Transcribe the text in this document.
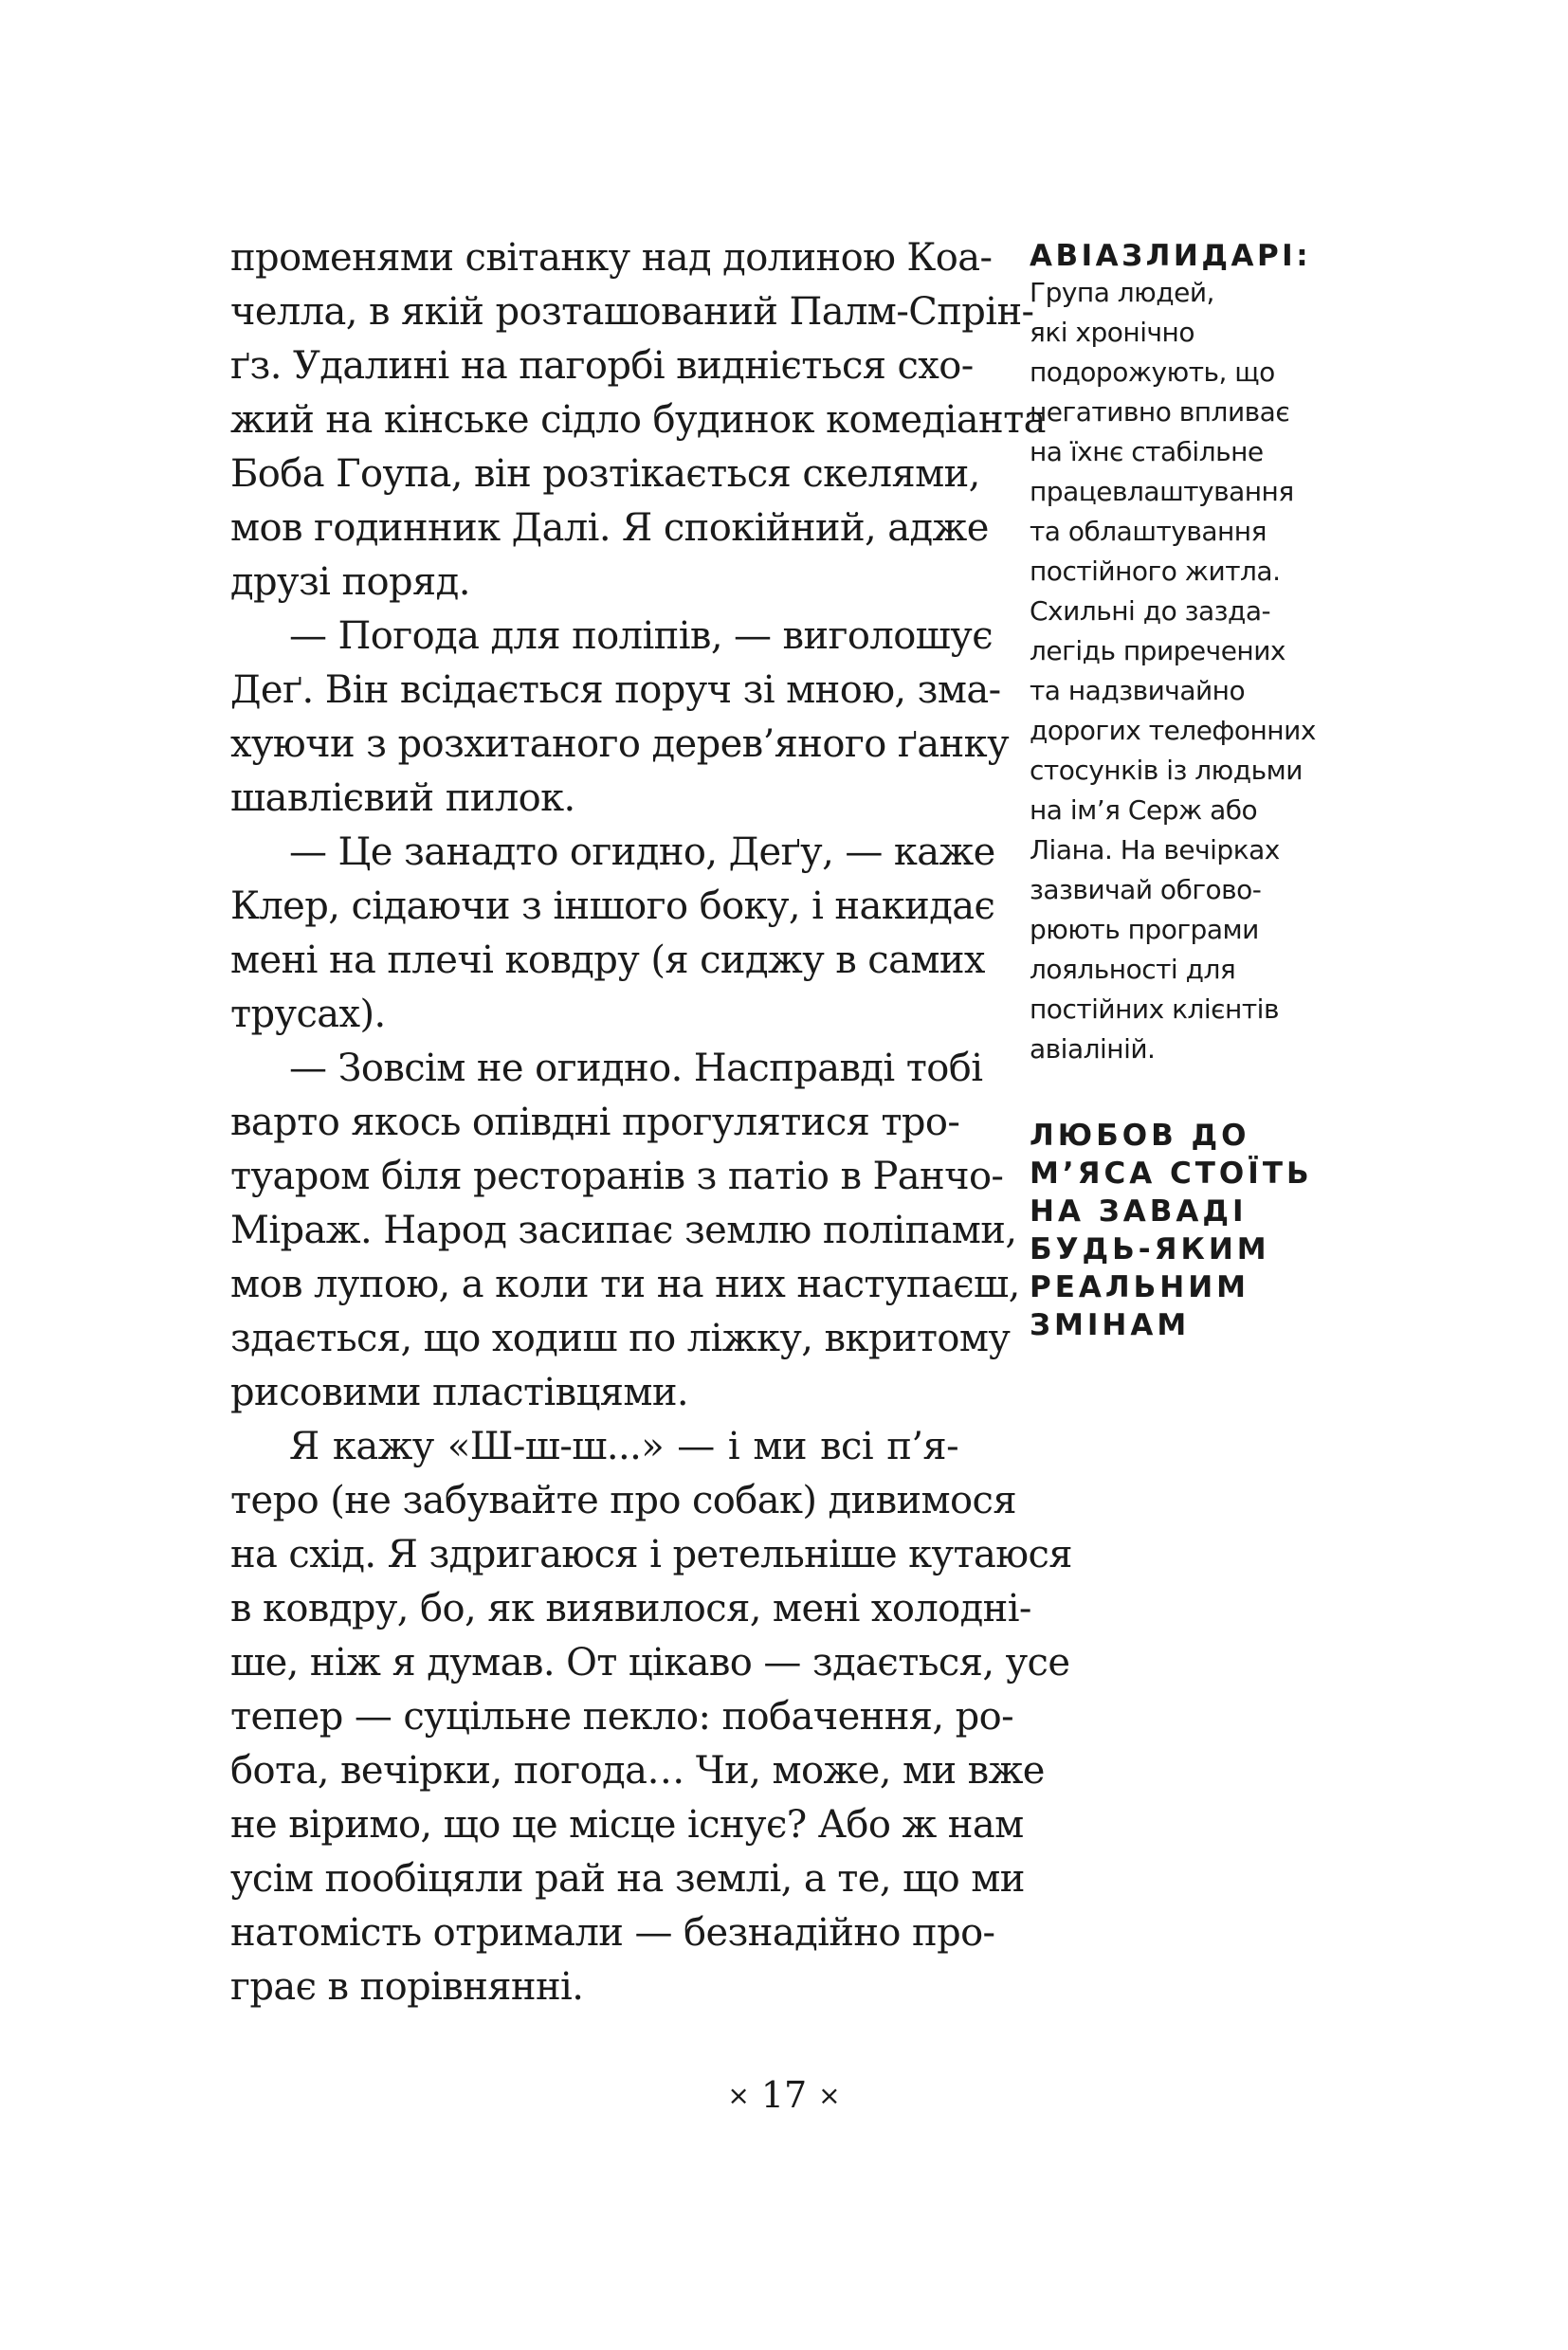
променями світанку над долиною Коа-
челла, в якій розташований Палм-Спрін-
ґз. Удалині на пагорбі видніється схо-
жий на кінське сідло будинок комедіанта
Боба Гоупа, він розтікається скелями,
мов годинник Далі. Я спокійний, адже
друзі поряд.
— Погода для поліпів, — виголошує
Деґ. Він всідається поруч зі мною, зма-
хуючи з розхитаного дерев’яного ґанку
шавлієвий пилок.
— Це занадто огидно, Деґу, — каже
Клер, сідаючи з іншого боку, і накидає
мені на плечі ковдру (я сиджу в самих
трусах).
— Зовсім не огидно. Насправді тобі
варто якось опівдні прогулятися тро-
туаром біля ресторанів з патіо в Ранчо-
Міраж. Народ засипає землю поліпами,
мов лупою, а коли ти на них наступаєш,
здається, що ходиш по ліжку, вкритому
рисовими пластівцями.
Я кажу «Ш-ш-ш...» — і ми всі п’я-
теро (не забувайте про собак) дивимося
на схід. Я здригаюся і ретельніше кутаюся
в ковдру, бо, як виявилося, мені холодні-
ше, ніж я думав. От цікаво — здається, усе
тепер — суцільне пекло: побачення, ро-
бота, вечірки, погода… Чи, може, ми вже
не віримо, що це місце існує? Або ж нам
усім пообіцяли рай на землі, а те, що ми
натомість отримали — безнадійно про-
грає в порівнянні.
АВІАЗЛИДАРІ:
Група людей,
які хронічно
подорожують, що
негативно впливає
на їхнє стабільне
працевлаштування
та облаштування
постійного житла.
Схильні до зазда-
легідь приречених
та надзвичайно
дорогих телефонних
стосунків із людьми
на ім’я Серж або
Ліана. На вечірках
зазвичай обгово-
рюють програми
лояльності для
постійних клієнтів
авіаліній.
ЛЮБОВ ДО
М’ЯСА СТОЇТЬ
НА ЗАВАДІ
БУДЬ-ЯКИМ
РЕАЛЬНИМ
ЗМІНАМ
× 17 ×
